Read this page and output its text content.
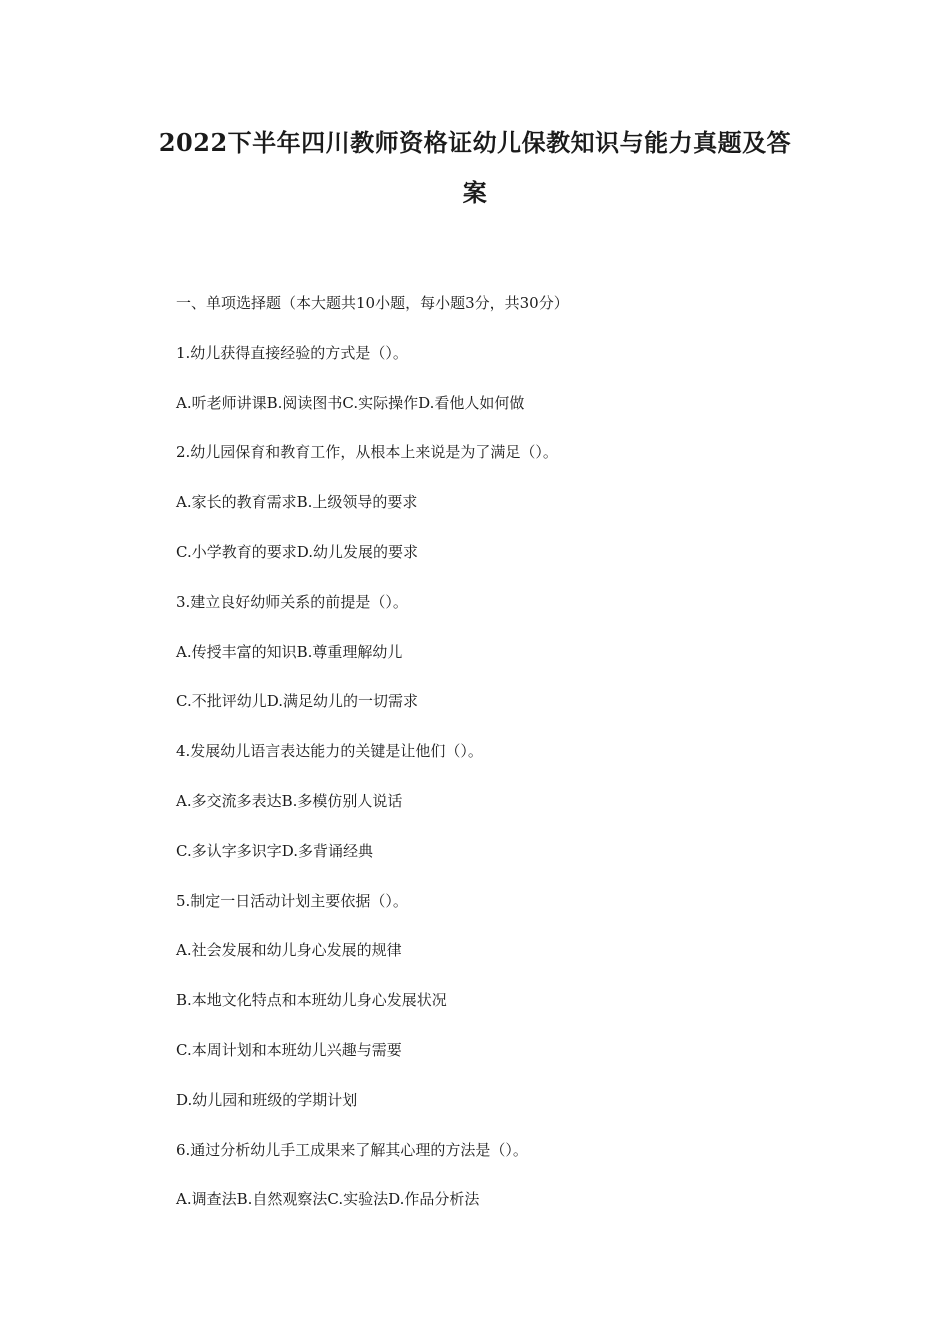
2022下半年四川教师资格证幼儿保教知识与能力真题及答
案
一、单项选择题（本大题共10小题，每小题3分，共30分）
1.幼儿获得直接经验的方式是（）。
A.听老师讲课B.阅读图书C.实际操作D.看他人如何做
2.幼儿园保育和教育工作，从根本上来说是为了满足（）。
A.家长的教育需求B.上级领导的要求
C.小学教育的要求D.幼儿发展的要求
3.建立良好幼师关系的前提是（）。
A.传授丰富的知识B.尊重理解幼儿
C.不批评幼儿D.满足幼儿的一切需求
4.发展幼儿语言表达能力的关键是让他们（）。
A.多交流多表达B.多模仿别人说话
C.多认字多识字D.多背诵经典
5.制定一日活动计划主要依据（）。
A.社会发展和幼儿身心发展的规律
B.本地文化特点和本班幼儿身心发展状况
C.本周计划和本班幼儿兴趣与需要
D.幼儿园和班级的学期计划
6.通过分析幼儿手工成果来了解其心理的方法是（）。
A.调查法B.自然观察法C.实验法D.作品分析法
